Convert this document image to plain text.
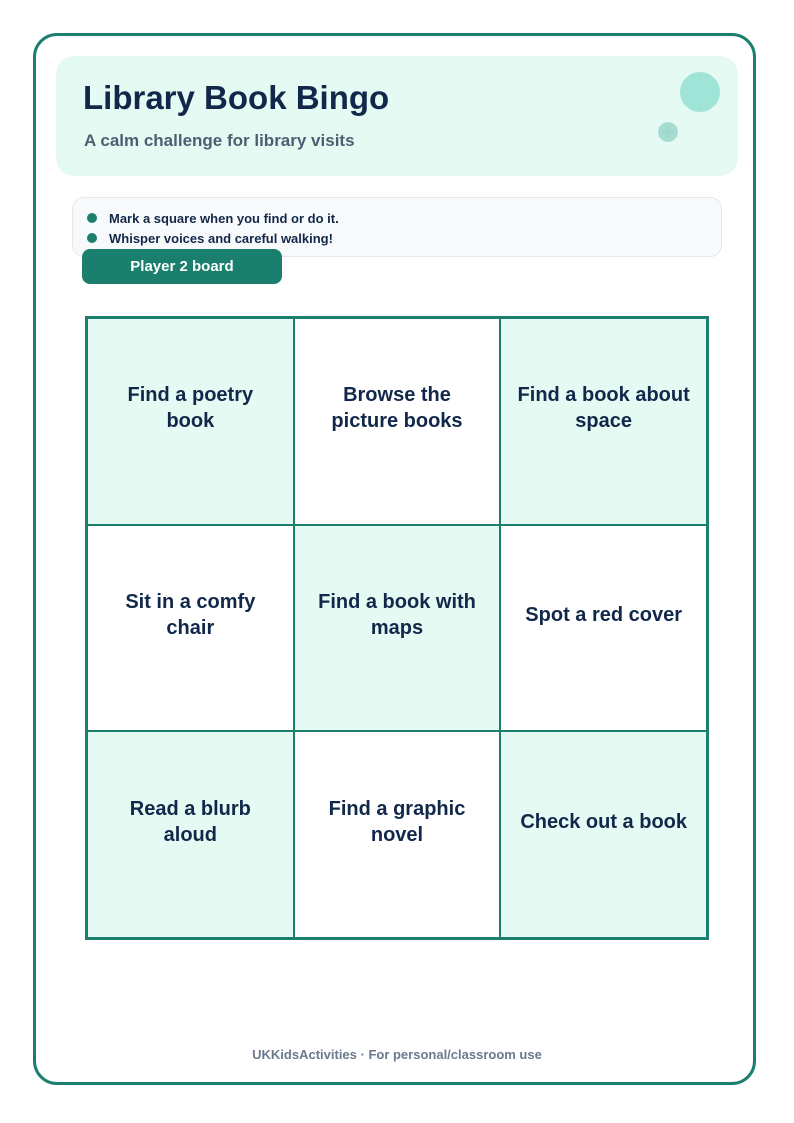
Library Book Bingo

A calm challenge for library visits

Mark a square when you find or do it.
Whisper voices and careful walking!
Player 2 board
Find a poetry book
Browse the picture books
Find a book about space
Sit in a comfy chair
Find a book with maps
Spot a red cover
Read a blurb aloud
Find a graphic novel
Check out a book
UKKidsActivities · For personal/classroom use
